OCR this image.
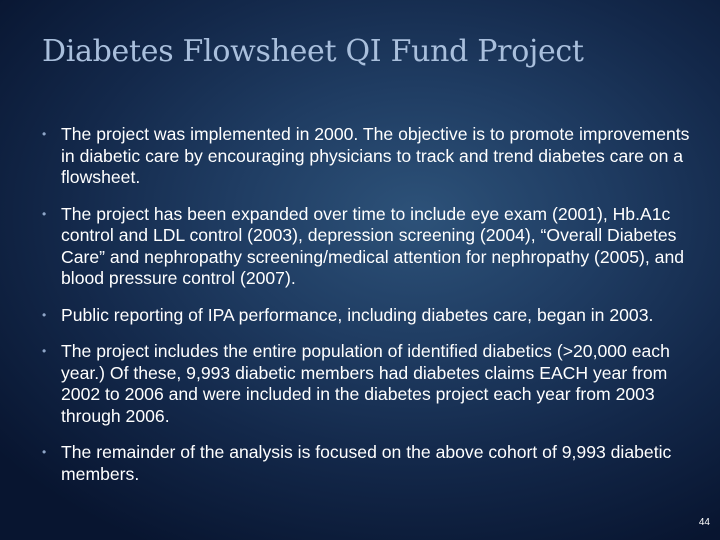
Diabetes Flowsheet QI Fund Project
• The project was implemented in 2000. The objective is to promote improvements in diabetic care by encouraging physicians to track and trend diabetes care on a flowsheet.
• The project has been expanded over time to include eye exam (2001), Hb.A1c control and LDL control (2003), depression screening (2004), “Overall Diabetes Care” and nephropathy screening/medical attention for nephropathy (2005), and blood pressure control (2007).
• Public reporting of IPA performance, including diabetes care, began in 2003.
• The project includes the entire population of identified diabetics (>20,000 each year.) Of these, 9,993 diabetic members had diabetes claims EACH year from 2002 to 2006 and were included in the diabetes project each year from 2003 through 2006.
• The remainder of the analysis is focused on the above cohort of 9,993 diabetic members.
44
